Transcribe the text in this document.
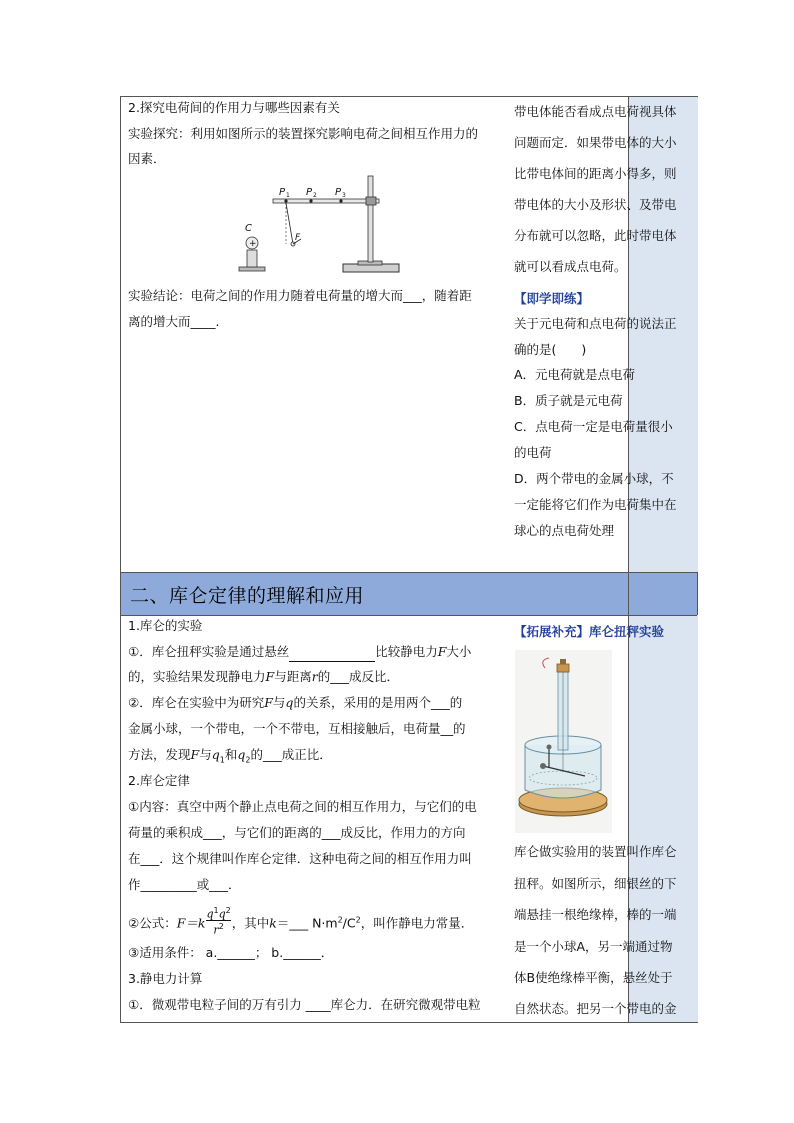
二、库仑定律的理解和应用
2.探究电荷间的作用力与哪些因素有关
实验探究：利用如图所示的装置探究影响电荷之间相互作用力的
因素．
+
C
P 1 P 2 P 3
F
实验结论：电荷之间的作用力随着电荷量的增大而___，随着距
离的增大而____.
带电体能否看成点电荷视具体
问题而定．如果带电体的大小
比带电体间的距离小得多，则
带电体的大小及形状、及带电
分布就可以忽略，此时带电体
就可以看成点电荷。
【即学即练】
关于元电荷和点电荷的说法正
确的是(　　)
A．元电荷就是点电荷
B．质子就是元电荷
C．点电荷一定是电荷量很小
的电荷
D．两个带电的金属小球，不
一定能将它们作为电荷集中在
球心的点电荷处理
1.库仑的实验
①．库仑扭秤实验是通过悬丝	比较静电力F大小
的，实验结果发现静电力F与距离r的___成反比．
②．库仑在实验中为研究F与q的关系，采用的是用两个___的
金属小球，一个带电，一个不带电，互相接触后，电荷量__的
方法，发现F与$q_1$和$q_2$的___成正比．
2.库仑定律
①内容：真空中两个静止点电荷之间的相互作用力，与它们的电
荷量的乘积成___，与它们的距离的___成反比，作用力的方向
在___．这个规律叫作库仑定律．这种电荷之间的相互作用力叫
作_________或___．
②公式：$F=k \frac{q^1q^2}{r^2}$ ，其中k＝___ $N\cdot m^2/C^2$，叫作静电力常量．
③适用条件： a.______； b.______．
3.静电力计算
①．微观带电粒子间的万有引力 ____库仑力．在研究微观带电粒
【拓展补充】库仑扭秤实验
库仑做实验用的装置叫作库仑
扭秤。如图所示，细银丝的下
端悬挂一根绝缘棒，棒的一端
是一个小球A，另一端通过物
体B使绝缘棒平衡，悬丝处于
自然状态。把另一个带电的金
